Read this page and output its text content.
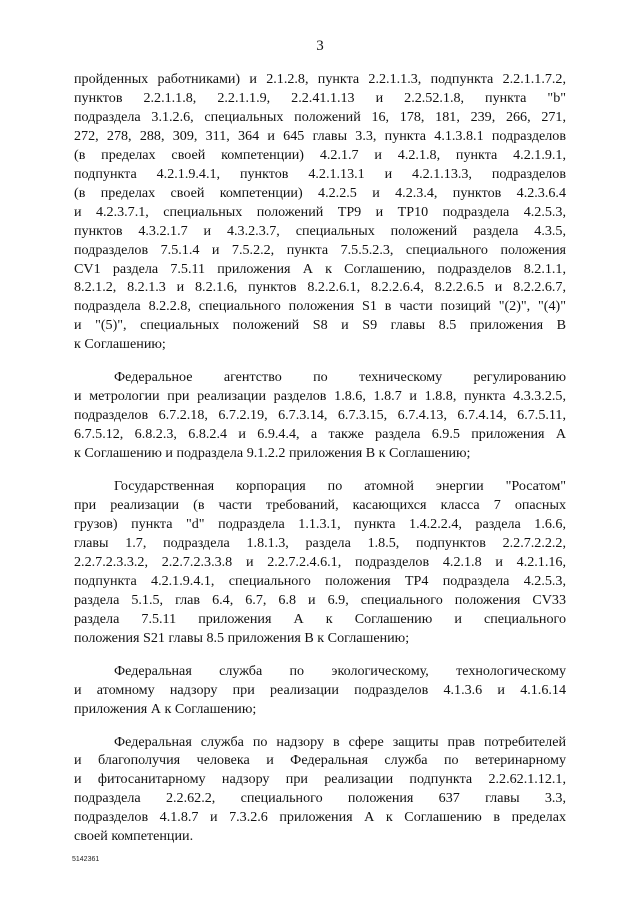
3
пройденных работниками) и 2.1.2.8, пункта 2.2.1.1.3, подпункта 2.2.1.1.7.2,
пунктов 2.2.1.1.8, 2.2.1.1.9, 2.2.41.1.13 и 2.2.52.1.8, пункта "b"
подраздела 3.1.2.6, специальных положений 16, 178, 181, 239, 266, 271,
272, 278, 288, 309, 311, 364 и 645 главы 3.3, пункта 4.1.3.8.1 подразделов
(в пределах своей компетенции) 4.2.1.7 и 4.2.1.8, пункта 4.2.1.9.1,
подпункта 4.2.1.9.4.1, пунктов 4.2.1.13.1 и 4.2.1.13.3, подразделов
(в пределах своей компетенции) 4.2.2.5 и 4.2.3.4, пунктов 4.2.3.6.4
и 4.2.3.7.1, специальных положений TP9 и TP10 подраздела 4.2.5.3,
пунктов 4.3.2.1.7 и 4.3.2.3.7, специальных положений раздела 4.3.5,
подразделов 7.5.1.4 и 7.5.2.2, пункта 7.5.5.2.3, специального положения
CV1 раздела 7.5.11 приложения А к Соглашению, подразделов 8.2.1.1,
8.2.1.2, 8.2.1.3 и 8.2.1.6, пунктов 8.2.2.6.1, 8.2.2.6.4, 8.2.2.6.5 и 8.2.2.6.7,
подраздела 8.2.2.8, специального положения S1 в части позиций "(2)", "(4)"
и "(5)", специальных положений S8 и S9 главы 8.5 приложения В
к Соглашению;
Федеральное агентство по техническому регулированию
и метрологии при реализации разделов 1.8.6, 1.8.7 и 1.8.8, пункта 4.3.3.2.5,
подразделов 6.7.2.18, 6.7.2.19, 6.7.3.14, 6.7.3.15, 6.7.4.13, 6.7.4.14, 6.7.5.11,
6.7.5.12, 6.8.2.3, 6.8.2.4 и 6.9.4.4, а также раздела 6.9.5 приложения А
к Соглашению и подраздела 9.1.2.2 приложения В к Соглашению;
Государственная корпорация по атомной энергии "Росатом"
при реализации (в части требований, касающихся класса 7 опасных
грузов) пункта "d" подраздела 1.1.3.1, пункта 1.4.2.2.4, раздела 1.6.6,
главы 1.7, подраздела 1.8.1.3, раздела 1.8.5, подпунктов 2.2.7.2.2.2,
2.2.7.2.3.3.2, 2.2.7.2.3.3.8 и 2.2.7.2.4.6.1, подразделов 4.2.1.8 и 4.2.1.16,
подпункта 4.2.1.9.4.1, специального положения TP4 подраздела 4.2.5.3,
раздела 5.1.5, глав 6.4, 6.7, 6.8 и 6.9, специального положения CV33
раздела 7.5.11 приложения А к Соглашению и специального
положения S21 главы 8.5 приложения В к Соглашению;
Федеральная служба по экологическому, технологическому
и атомному надзору при реализации подразделов 4.1.3.6 и 4.1.6.14
приложения А к Соглашению;
Федеральная служба по надзору в сфере защиты прав потребителей
и благополучия человека и Федеральная служба по ветеринарному
и фитосанитарному надзору при реализации подпункта 2.2.62.1.12.1,
подраздела 2.2.62.2, специального положения 637 главы 3.3,
подразделов 4.1.8.7 и 7.3.2.6 приложения А к Соглашению в пределах
своей компетенции.
5142361
